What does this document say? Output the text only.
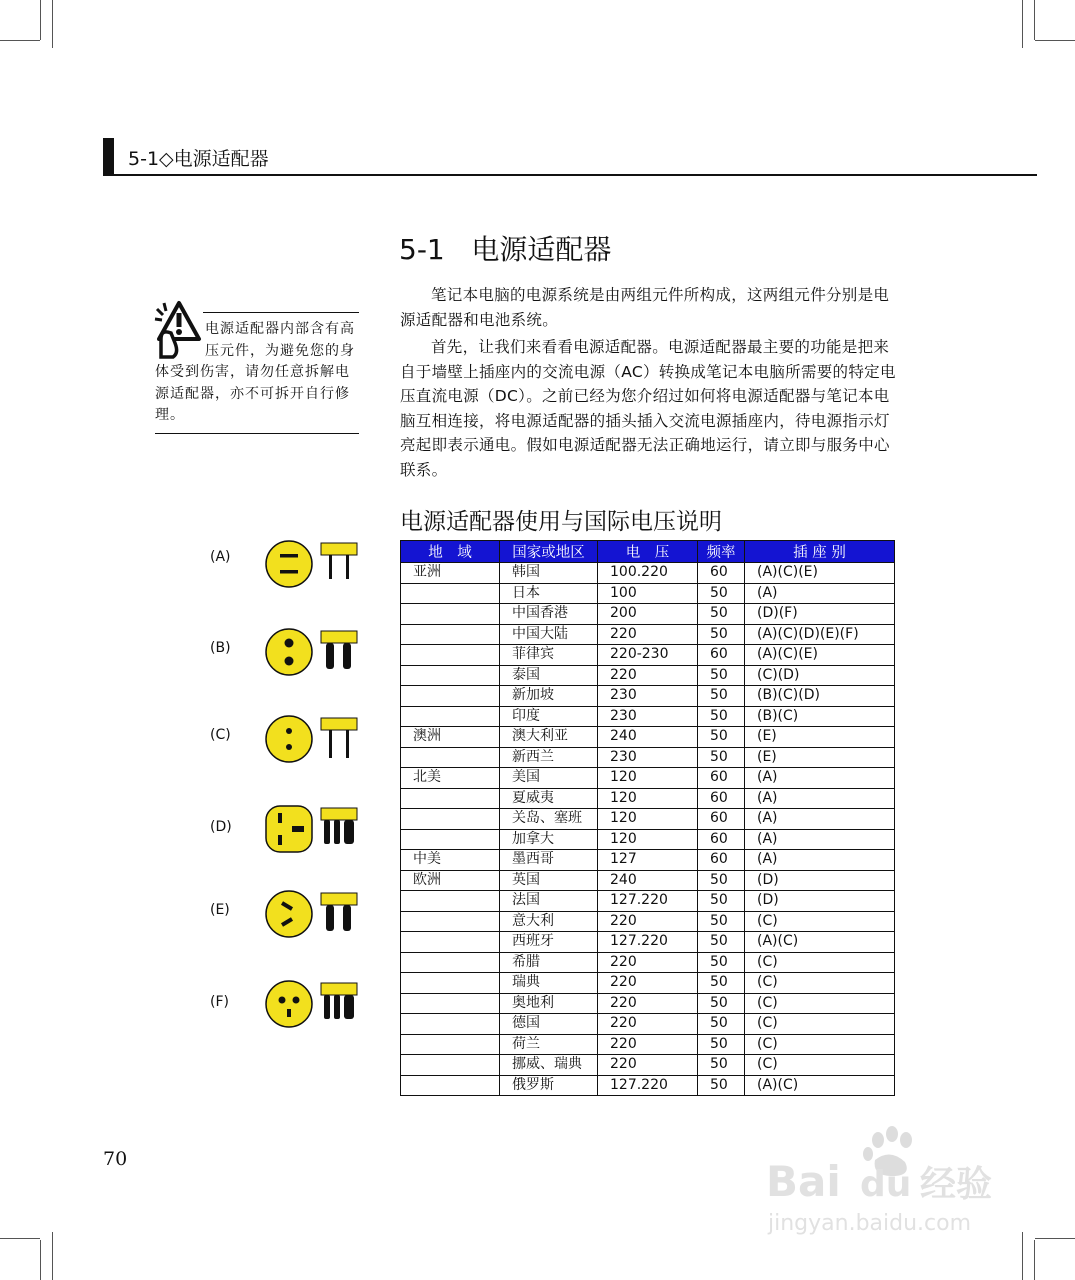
5-1◇电源适配器
5-1   电源适配器

笔记本电脑的电源系统是由两组元件所构成，这两组元件分别是电源适配器和电池系统。

首先，让我们来看看电源适配器。电源适配器最主要的功能是把来自于墙壁上插座内的交流电源（AC）转换成笔记本电脑所需要的特定电压直流电源（DC）。之前已经为您介绍过如何将电源适配器与笔记本电脑互相连接，将电源适配器的插头插入交流电源插座内，待电源指示灯亮起即表示通电。假如电源适配器无法正确地运行，请立即与服务中心联系。

电源适配器内部含有高压元件，为避免您的身体受到伤害，请勿任意拆解电源适配器，亦不可拆开自行修理。
电源适配器使用与国际电压说明
地　域	国家或地区	电　压	频率	插 座 别
亚洲	韩国	100.220	60	(A)(C)(E)
	日本	100	50	(A)
	中国香港	200	50	(D)(F)
	中国大陆	220	50	(A)(C)(D)(E)(F)
	菲律宾	220-230	60	(A)(C)(E)
	泰国	220	50	(C)(D)
	新加坡	230	50	(B)(C)(D)
	印度	230	50	(B)(C)
澳洲	澳大利亚	240	50	(E)
	新西兰	230	50	(E)
北美	美国	120	60	(A)
	夏威夷	120	60	(A)
	关岛、塞班	120	60	(A)
	加拿大	120	60	(A)
中美	墨西哥	127	60	(A)
欧洲	英国	240	50	(D)
	法国	127.220	50	(D)
	意大利	220	50	(C)
	西班牙	127.220	50	(A)(C)
	希腊	220	50	(C)
	瑞典	220	50	(C)
	奥地利	220	50	(C)
	德国	220	50	(C)
	荷兰	220	50	(C)
	挪威、瑞典	220	50	(C)
	俄罗斯	127.220	50	(A)(C)
(A)
(B)
(C)
(D)
(E)
(F)
70	Bai du 经验
jingyan.baidu.com
